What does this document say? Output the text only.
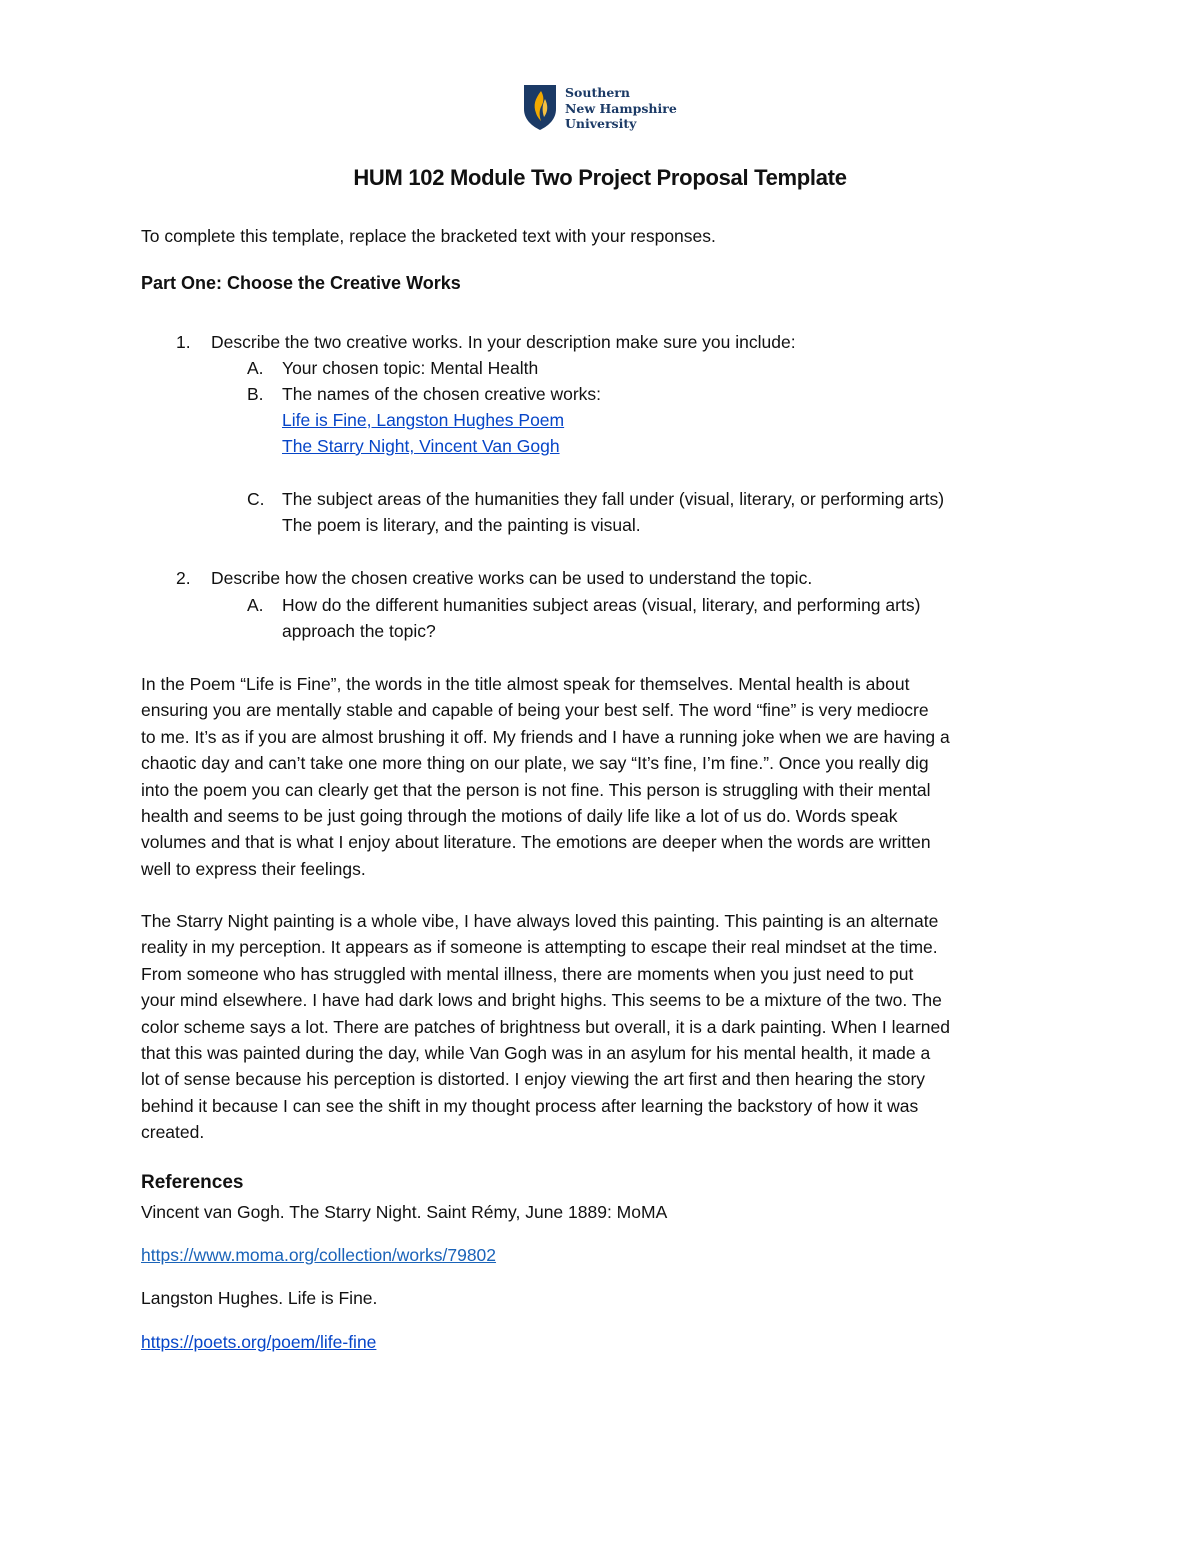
Southern
New Hampshire
University
HUM 102 Module Two Project Proposal Template
To complete this template, replace the bracketed text with your responses.
Part One: Choose the Creative Works
1. Describe the two creative works. In your description make sure you include:
A. Your chosen topic: Mental Health
B. The names of the chosen creative works:
Life is Fine, Langston Hughes Poem
The Starry Night, Vincent Van Gogh
C. The subject areas of the humanities they fall under (visual, literary, or performing arts)
The poem is literary, and the painting is visual.
2. Describe how the chosen creative works can be used to understand the topic.
A. How do the different humanities subject areas (visual, literary, and performing arts)
approach the topic?
In the Poem “Life is Fine”, the words in the title almost speak for themselves. Mental health is about
ensuring you are mentally stable and capable of being your best self. The word “fine” is very mediocre
to me. It’s as if you are almost brushing it off. My friends and I have a running joke when we are having a
chaotic day and can’t take one more thing on our plate, we say “It’s fine, I’m fine.”. Once you really dig
into the poem you can clearly get that the person is not fine. This person is struggling with their mental
health and seems to be just going through the motions of daily life like a lot of us do. Words speak
volumes and that is what I enjoy about literature. The emotions are deeper when the words are written
well to express their feelings.
The Starry Night painting is a whole vibe, I have always loved this painting. This painting is an alternate
reality in my perception. It appears as if someone is attempting to escape their real mindset at the time.
From someone who has struggled with mental illness, there are moments when you just need to put
your mind elsewhere. I have had dark lows and bright highs. This seems to be a mixture of the two. The
color scheme says a lot. There are patches of brightness but overall, it is a dark painting. When I learned
that this was painted during the day, while Van Gogh was in an asylum for his mental health, it made a
lot of sense because his perception is distorted. I enjoy viewing the art first and then hearing the story
behind it because I can see the shift in my thought process after learning the backstory of how it was
created.
References
Vincent van Gogh. The Starry Night. Saint Rémy, June 1889: MoMA
https://www.moma.org/collection/works/79802
Langston Hughes. Life is Fine.
https://poets.org/poem/life-fine
